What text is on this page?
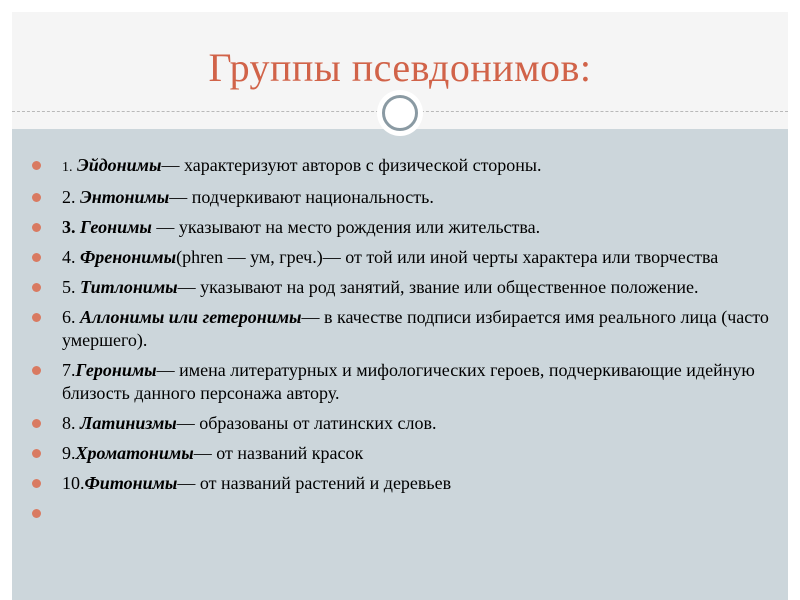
Группы псевдонимов:
1. Эйдонимы— характеризуют авторов с физической стороны.
2. Энтонимы— подчеркивают национальность.
3. Геонимы — указывают на место рождения или жительства.
4. Френонимы(phren — ум, греч.)— от той или иной черты характера или творчества
5. Титлонимы— указывают на род занятий, звание или общественное положение.
6. Аллонимы или гетеронимы— в качестве подписи избирается имя реального лица (часто умершего).
7.Геронимы— имена литературных и мифологических героев, подчеркивающие идейную близость данного персонажа автору.
8. Латинизмы— образованы от латинских слов.
9.Хроматонимы— от названий красок
10.Фитонимы— от названий растений и деревьев
